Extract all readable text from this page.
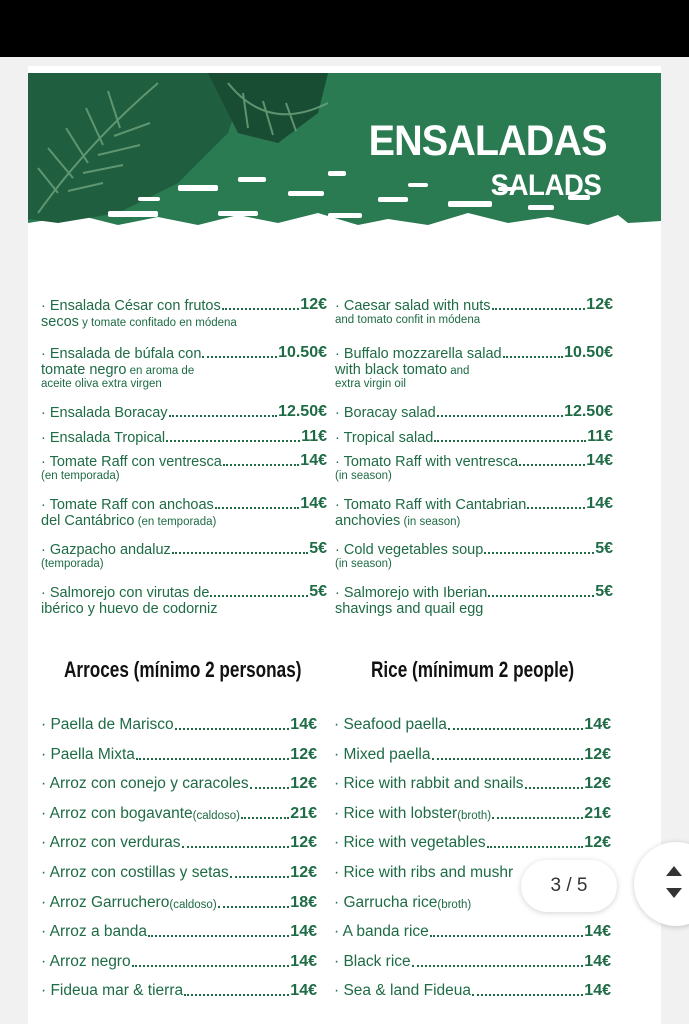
ENSALADAS
SALADS
· Ensalada César con frutos	12€
secos y tomate confitado en módena
· Ensalada de búfala con	10.50€
tomate negro en aroma de
aceite oliva extra virgen
· Ensalada Boracay	12.50€
· Ensalada Tropical	11€
· Tomate Raff con ventresca	14€
(en temporada)
· Tomate Raff con anchoas	14€
del Cantábrico (en temporada)
· Gazpacho andaluz	5€
(temporada)
· Salmorejo con virutas de	5€
ibérico y huevo de codorniz
· Caesar salad with nuts	12€
and tomato confit in módena
· Buffalo mozzarella salad	10.50€
with black tomato and
extra virgin oil
· Boracay salad	12.50€
· Tropical salad	11€
· Tomato Raff with ventresca	14€
(in season)
· Tomato Raff with Cantabrian	14€
anchovies (in season)
· Cold vegetables soup	5€
(in season)
· Salmorejo with Iberian	5€
shavings and quail egg
Arroces (mínimo 2 personas)	Rice (mínimum 2 people)
· Paella de Marisco	14€
· Paella Mixta	12€
· Arroz con conejo y caracoles	12€
· Arroz con bogavante (caldoso)	21€
· Arroz con verduras	12€
· Arroz con costillas y setas	12€
· Arroz Garruchero (caldoso)	18€
· Arroz a banda	14€
· Arroz negro	14€
· Fideua mar & tierra	14€
· Seafood paella	14€
· Mixed paella	12€
· Rice with rabbit and snails	12€
· Rice with lobster (broth)	21€
· Rice with vegetables	12€
· Rice with ribs and mushr
· Garrucha rice (broth)
· A banda rice	14€
· Black rice	14€
· Sea & land Fideua	14€
3 / 5
